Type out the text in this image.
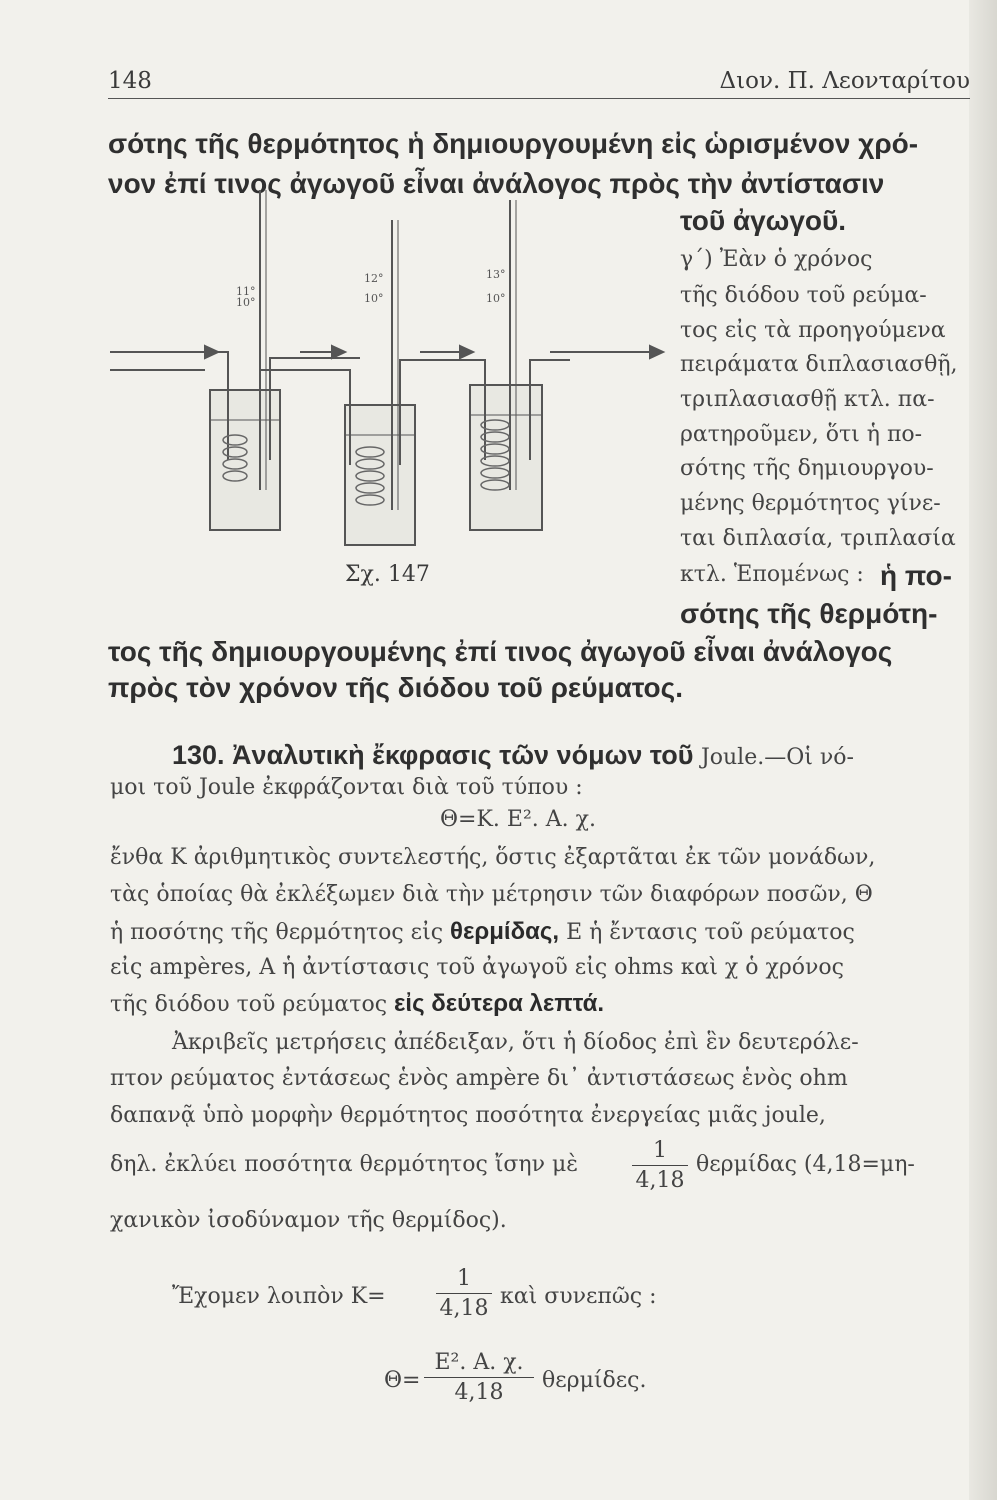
148	Διον. Π. Λεονταρίτου
σότης τῆς θερμότητος ἡ δημιουργουμένη εἰς ὡρισμένον χρό-
νον ἐπί τινος ἀγωγοῦ εἶναι ἀνάλογος πρὸς τὴν ἀντίστασιν
τοῦ ἀγωγοῦ.
11°
10°
12°
10°
13°
10°
Σχ. 147
γ΄) Ἐὰν ὁ χρόνος
τῆς διόδου τοῦ ρεύμα-
τος εἰς τὰ προηγούμενα
πειράματα διπλασιασθῇ,
τριπλασιασθῇ κτλ. πα-
ρατηροῦμεν, ὅτι ἡ πο-
σότης τῆς δημιουργου-
μένης θερμότητος γίνε-
ται διπλασία, τριπλασία
κτλ. Ἑπομένως : ἡ πο-
σότης τῆς θερμότη-
τος τῆς δημιουργουμένης ἐπί τινος ἀγωγοῦ εἶναι ἀνάλογος
πρὸς τὸν χρόνον τῆς διόδου τοῦ ρεύματος.
130. Ἀναλυτικὴ ἔκφρασις τῶν νόμων τοῦ Joule.—Οἱ νό-
μοι τοῦ Joule ἐκφράζονται διὰ τοῦ τύπου :
Θ=Κ. Ε². Α. χ.
ἔνθα Κ ἀριθμητικὸς συντελεστής, ὅστις ἐξαρτᾶται ἐκ τῶν μονάδων,
τὰς ὁποίας θὰ ἐκλέξωμεν διὰ τὴν μέτρησιν τῶν διαφόρων ποσῶν, Θ
ἡ ποσότης τῆς θερμότητος εἰς θερμίδας, Ε ἡ ἔντασις τοῦ ρεύματος
εἰς ampères, Α ἡ ἀντίστασις τοῦ ἀγωγοῦ εἰς ohms καὶ χ ὁ χρόνος
τῆς διόδου τοῦ ρεύματος εἰς δεύτερα λεπτά.
Ἀκριβεῖς μετρήσεις ἀπέδειξαν, ὅτι ἡ δίοδος ἐπὶ ἓν δευτερόλε-
πτον ρεύματος ἐντάσεως ἑνὸς ampère δι᾿ ἀντιστάσεως ἑνὸς ohm
δαπανᾷ ὑπὸ μορφὴν θερμότητος ποσότητα ἐνεργείας μιᾶς joule,
δηλ. ἐκλύει ποσότητα θερμότητος ἴσην μὲ $\frac{1}{4,18}$ θερμίδας (4,18=μη-
χανικὸν ἰσοδύναμον τῆς θερμίδος).
Ἔχομεν λοιπὸν $K= \frac{1}{4,18}$ καὶ συνεπῶς :
$\Theta= \frac{\text{Ε². Α. χ.}}{4,18} \theta\varepsilon\rho\mu ί\delta\varepsilon\varsigma$.
